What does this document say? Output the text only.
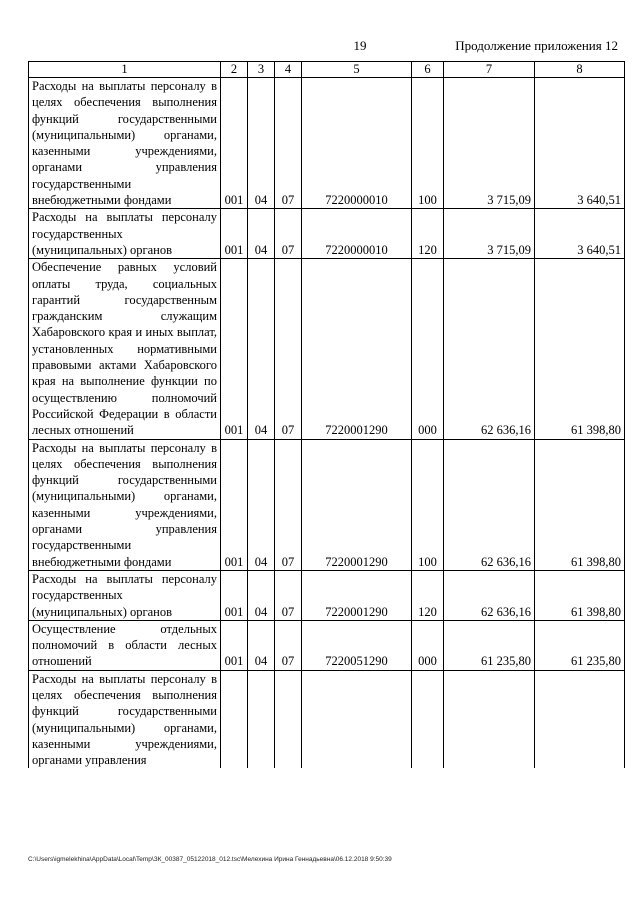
19	Продолжение приложения 12
1	2	3	4	5	6	7	8
Расходы на выплаты персоналу в целях обеспечения выполнения функций государственными (муниципальными) органами, казенными учреждениями, органами управления государственными внебюджетными фондами	001	04	07	7220000010	100	3 715,09	3 640,51
Расходы на выплаты персоналу государственных (муниципальных) органов	001	04	07	7220000010	120	3 715,09	3 640,51
Обеспечение равных условий оплаты труда, социальных гарантий государственным гражданским служащим Хабаровского края и иных выплат, установленных нормативными правовыми актами Хабаровского края на выполнение функции по осуществлению полномочий Российской Федерации в области лесных отношений	001	04	07	7220001290	000	62 636,16	61 398,80
Расходы на выплаты персоналу в целях обеспечения выполнения функций государственными (муниципальными) органами, казенными учреждениями, органами управления государственными внебюджетными фондами	001	04	07	7220001290	100	62 636,16	61 398,80
Расходы на выплаты персоналу государственных (муниципальных) органов	001	04	07	7220001290	120	62 636,16	61 398,80
Осуществление отдельных полномочий в области лесных отношений	001	04	07	7220051290	000	61 235,80	61 235,80
Расходы на выплаты персоналу в целях обеспечения выполнения функций государственными (муниципальными) органами, казенными учреждениями, органами управления							
C:\Users\igmelekhina\AppData\Local\Temp\ЗК_00387_05122018_012.tsc\Мелехина Ирина Геннадьевна\06.12.2018 9:50:39
